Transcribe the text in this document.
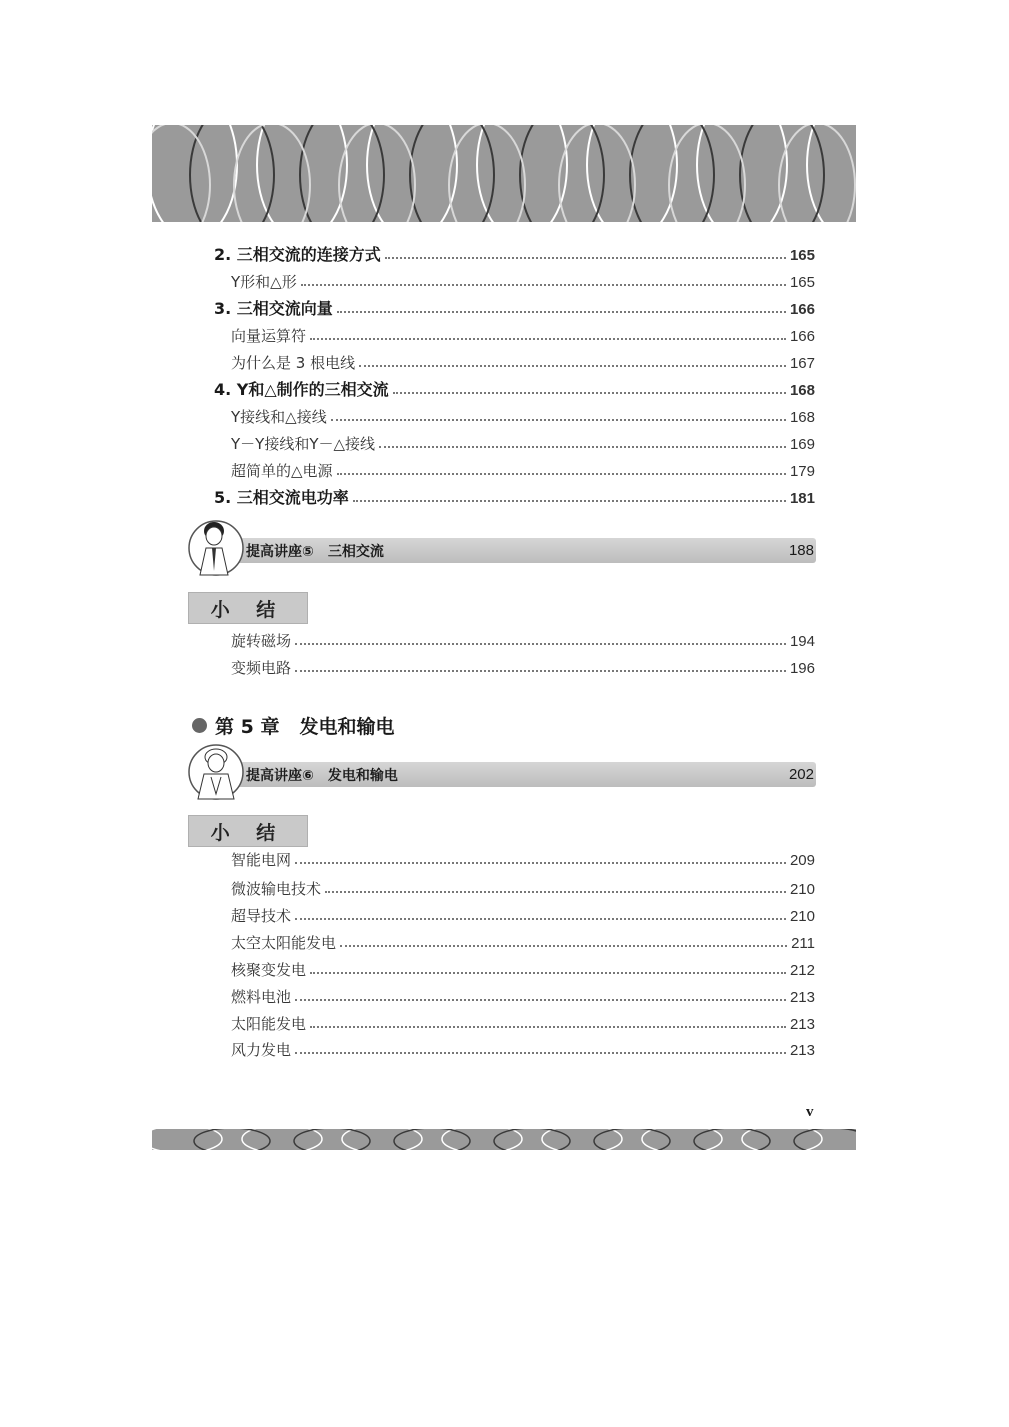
2. 三相交流的连接方式	165
Y形和△形	165
3. 三相交流向量	166
向量运算符	166
为什么是 3 根电线	167
4. Y和△制作的三相交流	168
Y接线和△接线	168
Y－Y接线和Y－△接线	169
超简单的△电源	179
5. 三相交流电功率	181
提高讲座⑤　三相交流	188
小 结
旋转磁场	194
变频电路	196
第 5 章 发电和输电
提高讲座⑥　发电和输电	202
小 结
智能电网	209
微波输电技术	210
超导技术	210
太空太阳能发电	211
核聚变发电	212
燃料电池	213
太阳能发电	213
风力发电	213
v
